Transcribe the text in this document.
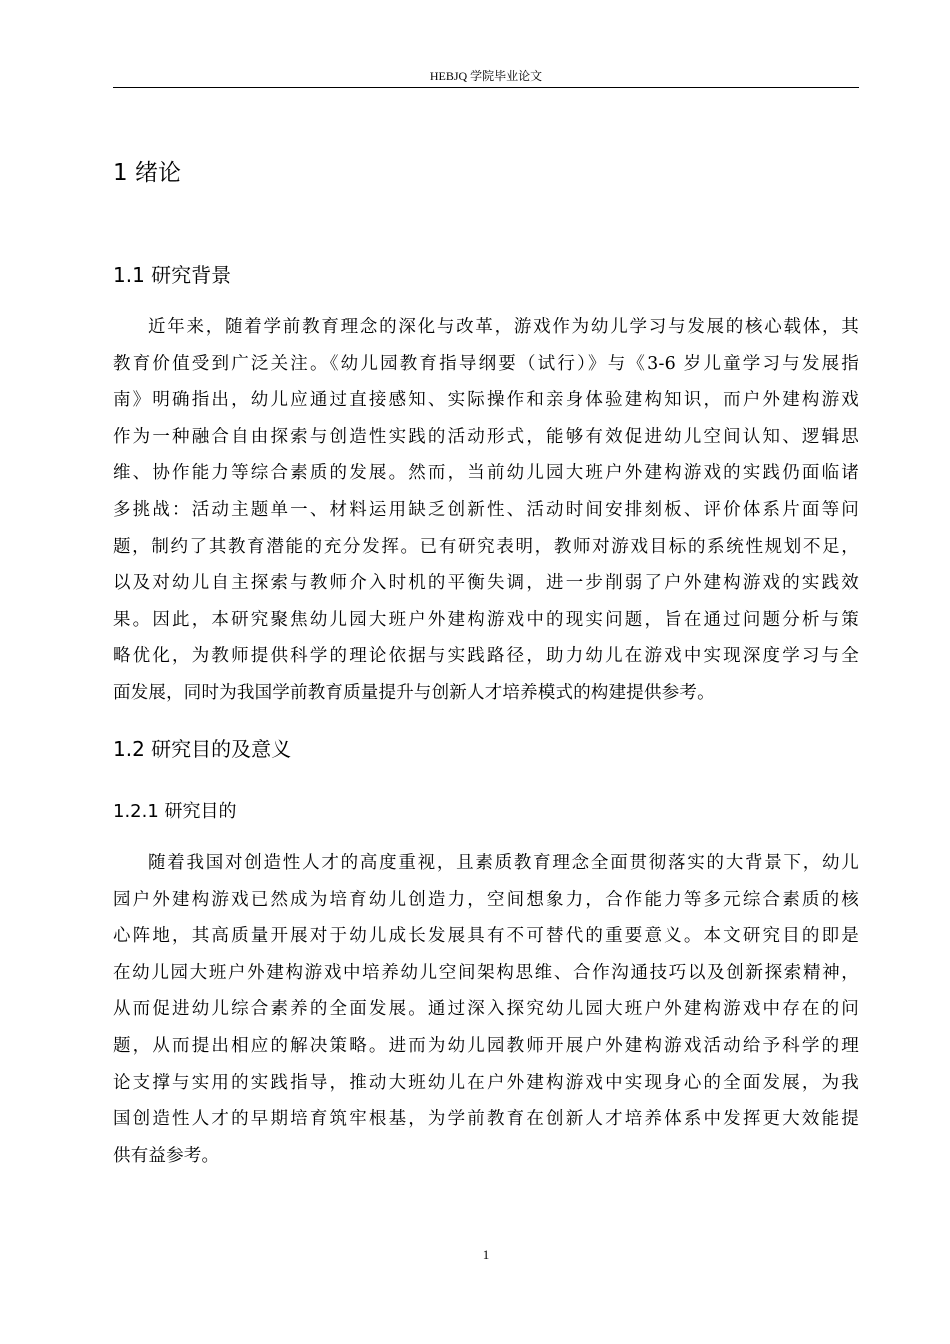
HEBJQ 学院毕业论文
1 绪论
1.1 研究背景
近年来，随着学前教育理念的深化与改革，游戏作为幼儿学习与发展的核心载体，其
教育价值受到广泛关注。《幼儿园教育指导纲要（试行）》与《3-6 岁儿童学习与发展指
南》明确指出，幼儿应通过直接感知、实际操作和亲身体验建构知识，而户外建构游戏
作为一种融合自由探索与创造性实践的活动形式，能够有效促进幼儿空间认知、逻辑思
维、协作能力等综合素质的发展。然而，当前幼儿园大班户外建构游戏的实践仍面临诸
多挑战：活动主题单一、材料运用缺乏创新性、活动时间安排刻板、评价体系片面等问
题，制约了其教育潜能的充分发挥。已有研究表明，教师对游戏目标的系统性规划不足，
以及对幼儿自主探索与教师介入时机的平衡失调，进一步削弱了户外建构游戏的实践效
果。因此，本研究聚焦幼儿园大班户外建构游戏中的现实问题，旨在通过问题分析与策
略优化，为教师提供科学的理论依据与实践路径，助力幼儿在游戏中实现深度学习与全
面发展，同时为我国学前教育质量提升与创新人才培养模式的构建提供参考。
1.2 研究目的及意义
1.2.1 研究目的
随着我国对创造性人才的高度重视，且素质教育理念全面贯彻落实的大背景下，幼儿
园户外建构游戏已然成为培育幼儿创造力，空间想象力，合作能力等多元综合素质的核
心阵地，其高质量开展对于幼儿成长发展具有不可替代的重要意义。本文研究目的即是
在幼儿园大班户外建构游戏中培养幼儿空间架构思维、合作沟通技巧以及创新探索精神，
从而促进幼儿综合素养的全面发展。通过深入探究幼儿园大班户外建构游戏中存在的问
题，从而提出相应的解决策略。进而为幼儿园教师开展户外建构游戏活动给予科学的理
论支撑与实用的实践指导，推动大班幼儿在户外建构游戏中实现身心的全面发展，为我
国创造性人才的早期培育筑牢根基，为学前教育在创新人才培养体系中发挥更大效能提
供有益参考。
1
